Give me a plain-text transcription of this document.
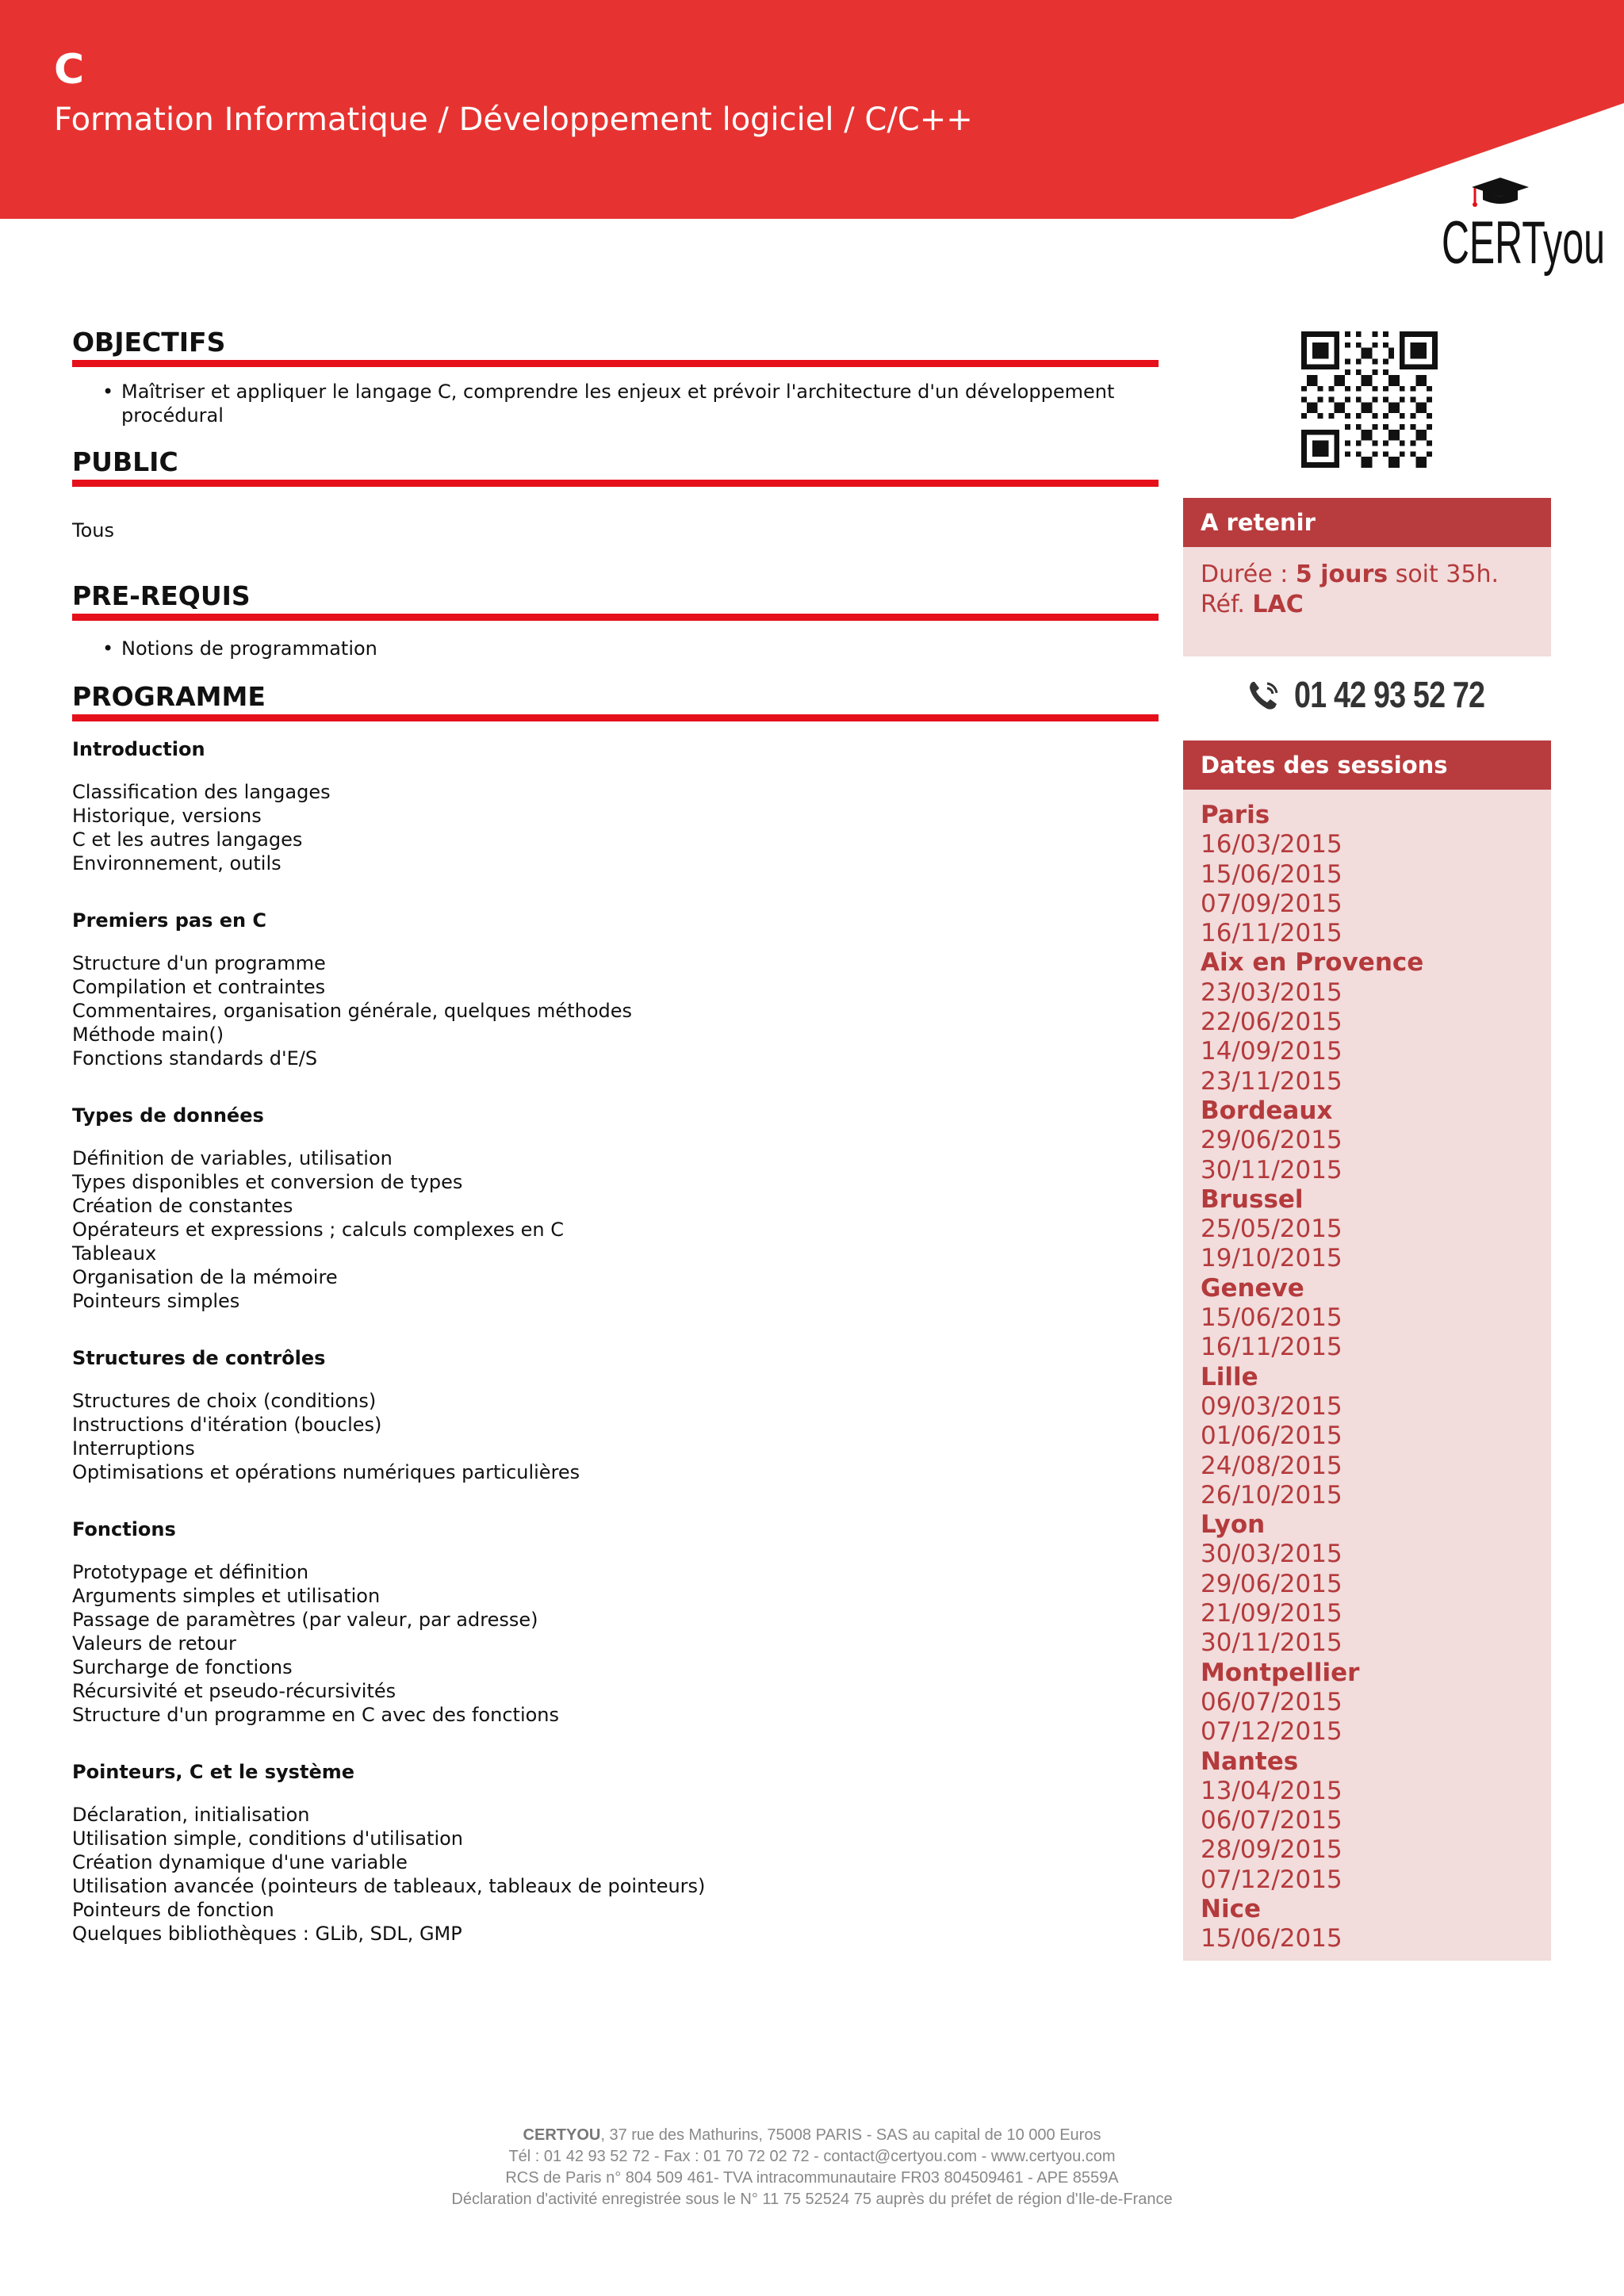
C
Formation Informatique / Développement logiciel / C/C++
CERTyou
OBJECTIFS
• Maîtriser et appliquer le langage C, comprendre les enjeux et prévoir l'architecture d'un développement procédural
PUBLIC

Tous

PRE-REQUIS
• Notions de programmation
PROGRAMME
Introduction
Classification des langages
Historique, versions
C et les autres langages
Environnement, outils
Premiers pas en C
Structure d'un programme
Compilation et contraintes
Commentaires, organisation générale, quelques méthodes
Méthode main()
Fonctions standards d'E/S
Types de données
Définition de variables, utilisation
Types disponibles et conversion de types
Création de constantes
Opérateurs et expressions ; calculs complexes en C
Tableaux
Organisation de la mémoire
Pointeurs simples
Structures de contrôles
Structures de choix (conditions)
Instructions d'itération (boucles)
Interruptions
Optimisations et opérations numériques particulières
Fonctions
Prototypage et définition
Arguments simples et utilisation
Passage de paramètres (par valeur, par adresse)
Valeurs de retour
Surcharge de fonctions
Récursivité et pseudo-récursivités
Structure d'un programme en C avec des fonctions
Pointeurs, C et le système
Déclaration, initialisation
Utilisation simple, conditions d'utilisation
Création dynamique d'une variable
Utilisation avancée (pointeurs de tableaux, tableaux de pointeurs)
Pointeurs de fonction
Quelques bibliothèques : GLib, SDL, GMP
A retenir
Durée : 5 jours soit 35h.
Réf. LAC
01 42 93 52 72
Dates des sessions
Paris
16/03/2015
15/06/2015
07/09/2015
16/11/2015
Aix en Provence
23/03/2015
22/06/2015
14/09/2015
23/11/2015
Bordeaux
29/06/2015
30/11/2015
Brussel
25/05/2015
19/10/2015
Geneve
15/06/2015
16/11/2015
Lille
09/03/2015
01/06/2015
24/08/2015
26/10/2015
Lyon
30/03/2015
29/06/2015
21/09/2015
30/11/2015
Montpellier
06/07/2015
07/12/2015
Nantes
13/04/2015
06/07/2015
28/09/2015
07/12/2015
Nice
15/06/2015
CERTYOU, 37 rue des Mathurins, 75008 PARIS - SAS au capital de 10 000 Euros
Tél : 01 42 93 52 72 - Fax : 01 70 72 02 72 - contact@certyou.com - www.certyou.com
RCS de Paris n° 804 509 461- TVA intracommunautaire FR03 804509461 - APE 8559A
Déclaration d'activité enregistrée sous le N° 11 75 52524 75 auprès du préfet de région d'Ile-de-France
